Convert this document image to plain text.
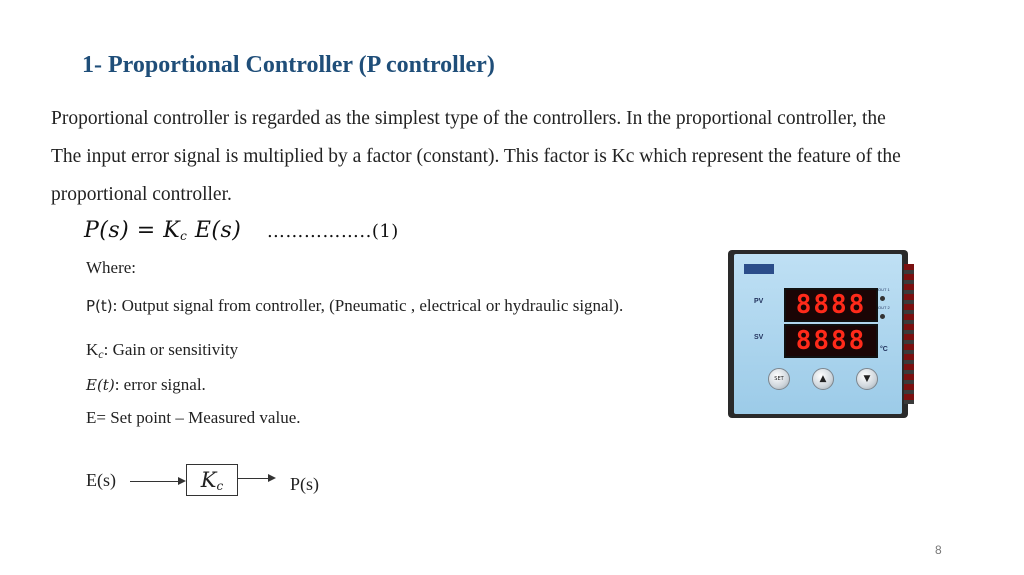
1- Proportional Controller (P controller)
Proportional controller is regarded as the simplest type of the controllers. In the proportional controller, the
The input error signal is multiplied by a factor (constant). This factor is Kc which represent the feature of the
proportional controller.
$P(s) = K_c$ E(s) ……………..(1)
Where:
P(t): Output signal from controller, (Pneumatic , electrical or hydraulic signal).
$K_c$: Gain or sensitivity
E(t): error signal.
E= Set point – Measured value.
E(s)	$K_c$	P(s)
PV	8888
SV	8888
OUT 1
OUT 2
°C
SET	▲	▼
8
